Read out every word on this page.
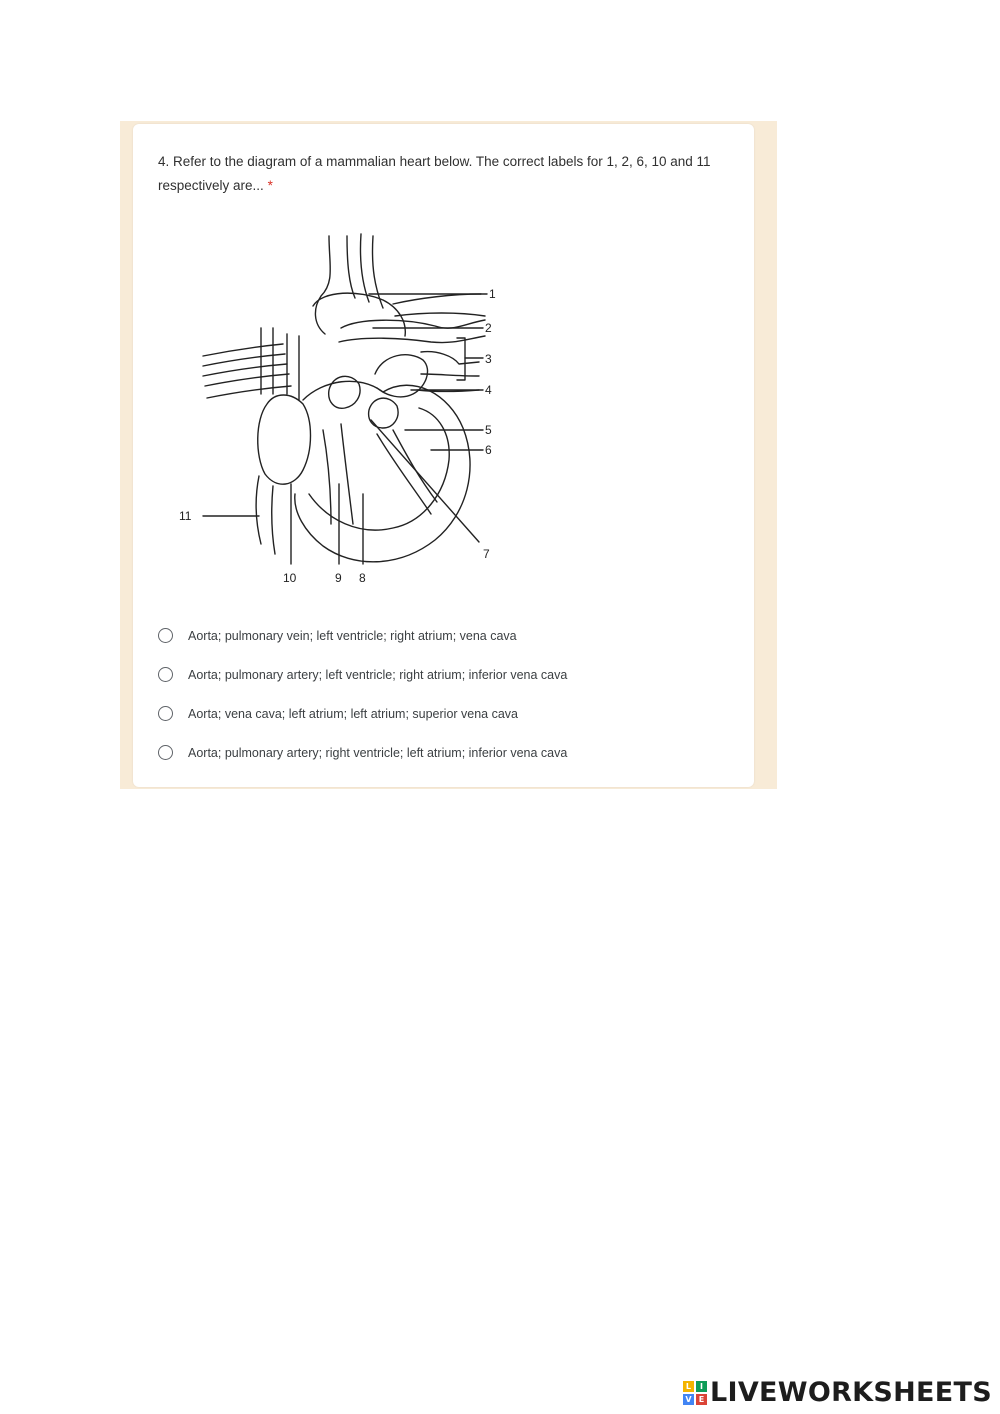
4. Refer to the diagram of a mammalian heart below. The correct labels for 1, 2, 6, 10 and 11 respectively are... *
1
2
3
4
5
6
7
8
9
10
11
Aorta; pulmonary vein; left ventricle; right atrium; vena cava
Aorta; pulmonary artery; left ventricle; right atrium; inferior vena cava
Aorta; vena cava; left atrium; left atrium; superior vena cava
Aorta; pulmonary artery; right ventricle; left atrium; inferior vena cava
L	I
V E LIVEWORKSHEETS
